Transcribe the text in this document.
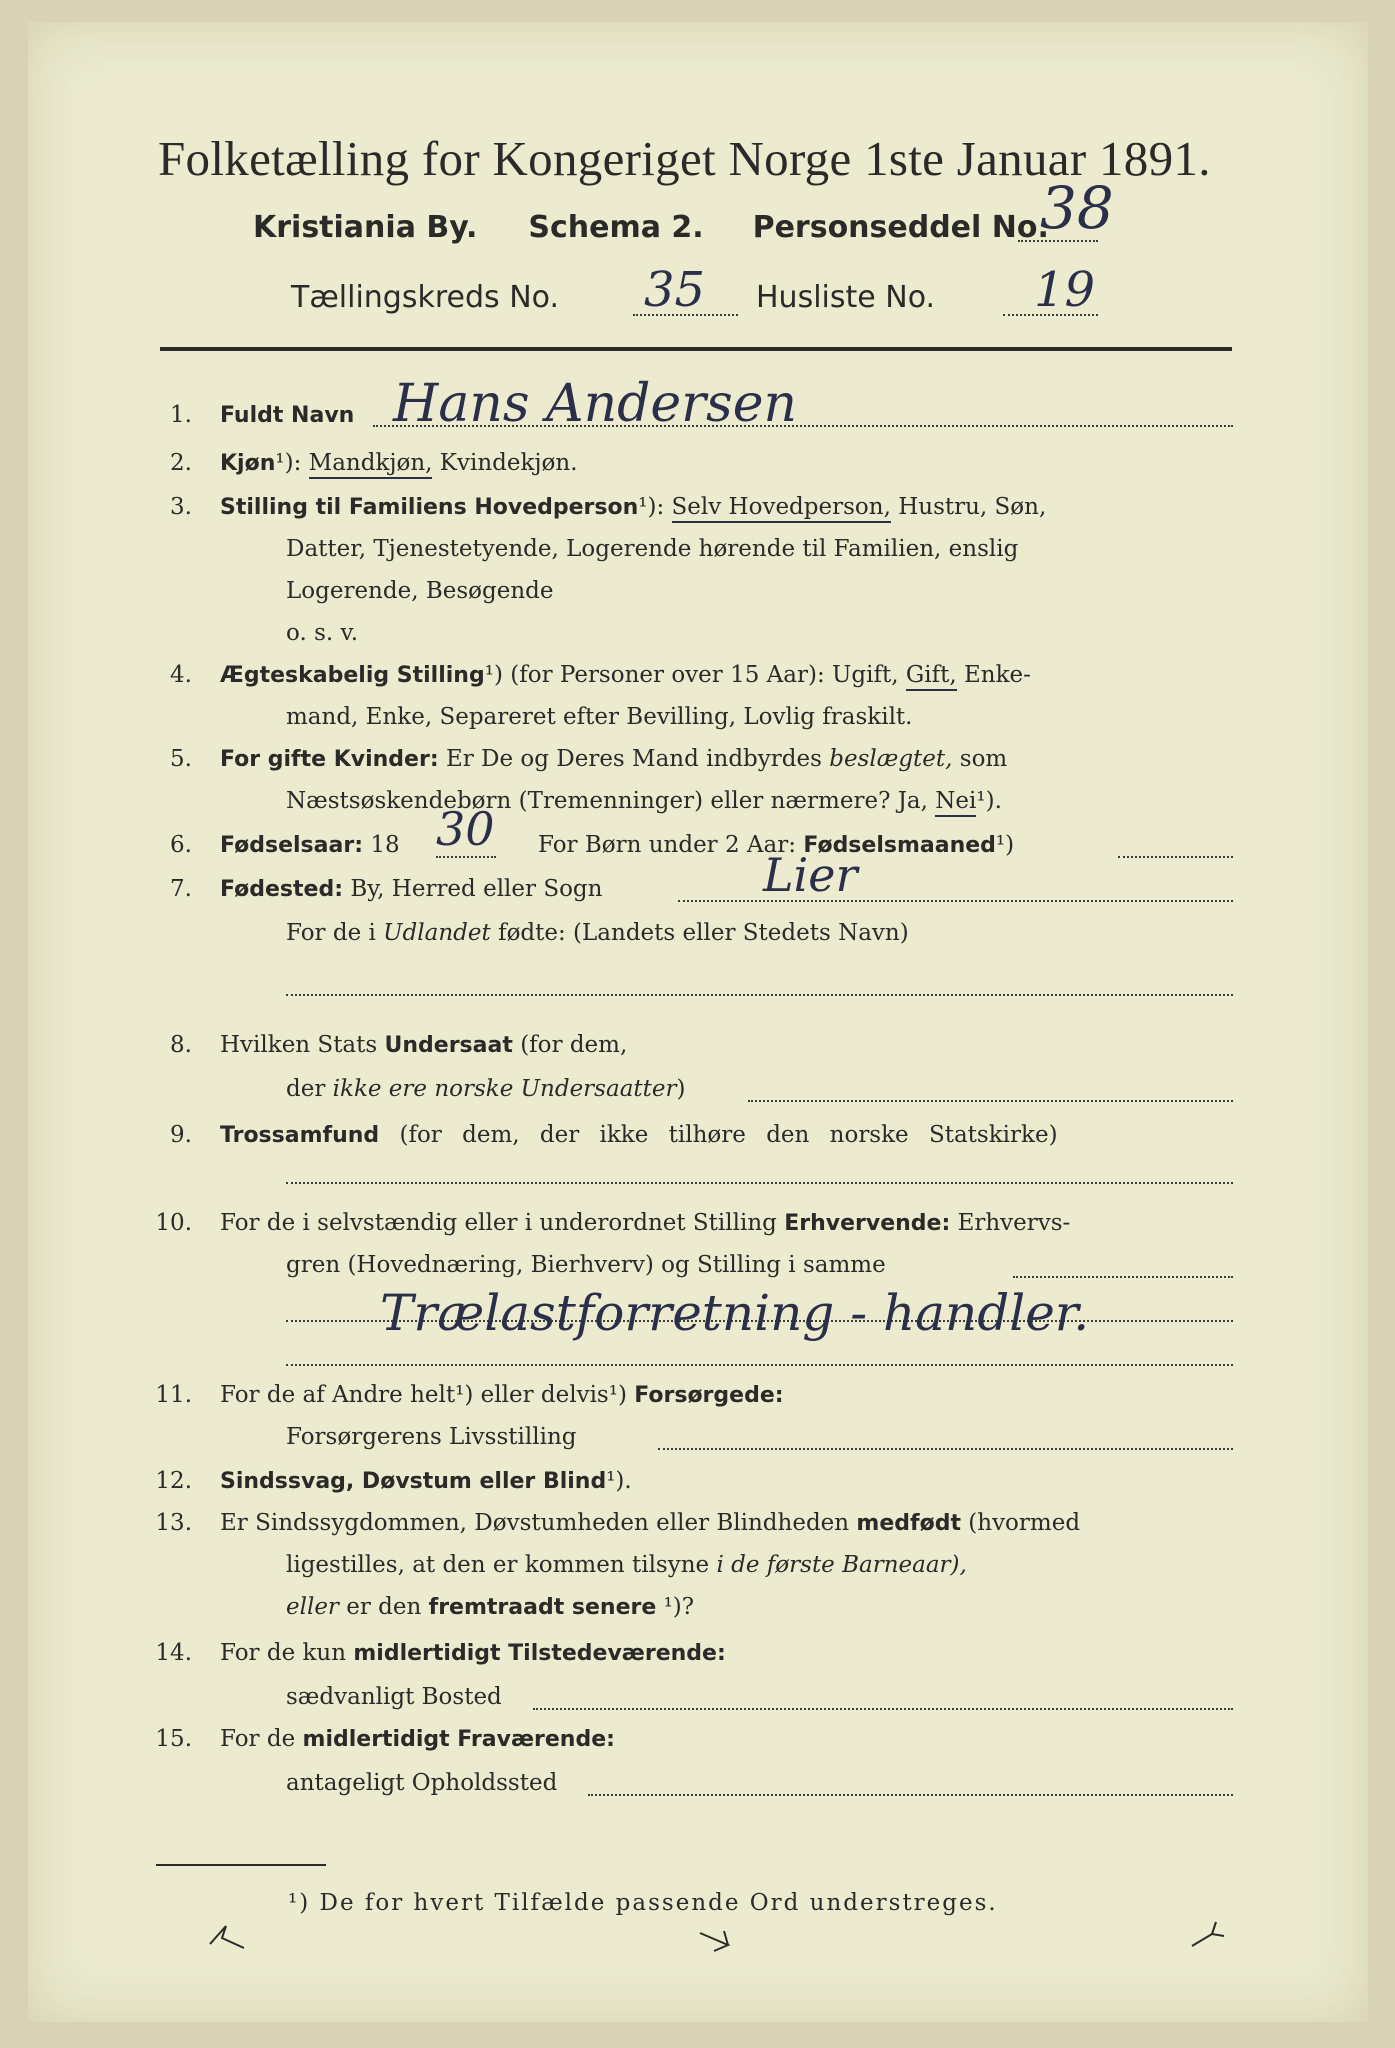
Folketælling for Kongeriget Norge 1ste Januar 1891.
Kristiania By. Schema 2. Personseddel No.
38
Tællingskreds No. 35 Husliste No. 19
1. Fuldt Navn Hans Andersen
2. Kjøn¹): Mandkjøn, Kvindekjøn.
3. Stilling til Familiens Hovedperson¹): Selv Hovedperson, Hustru, Søn,
Datter, Tjenestetyende, Logerende hørende til Familien, enslig
Logerende, Besøgende
o. s. v.
4. Ægteskabelig Stilling¹) (for Personer over 15 Aar): Ugift, Gift, Enke-
mand, Enke, Separeret efter Bevilling, Lovlig fraskilt.
5. For gifte Kvinder: Er De og Deres Mand indbyrdes beslægtet, som
Næstsøskendebørn (Tremenninger) eller nærmere? Ja, Nei¹).
6. Fødselsaar: 18 30 For Børn under 2 Aar: Fødselsmaaned¹)
7. Fødested: By, Herred eller Sogn	Lier
For de i Udlandet fødte: (Landets eller Stedets Navn)
8. Hvilken Stats Undersaat (for dem,
der ikke ere norske Undersaatter)
9. Trossamfund (for dem, der ikke tilhøre den norske Statskirke)
10. For de i selvstændig eller i underordnet Stilling Erhvervende: Erhvervs-
gren (Hovednæring, Bierhverv) og Stilling i samme
Trælastforretning - handler.
11. For de af Andre helt¹) eller delvis¹) Forsørgede:
Forsørgerens Livsstilling
12. Sindssvag, Døvstum eller Blind¹).
13. Er Sindssygdommen, Døvstumheden eller Blindheden medfødt (hvormed
ligestilles, at den er kommen tilsyne i de første Barneaar),
eller er den fremtraadt senere ¹)?
14. For de kun midlertidigt Tilstedeværende:
sædvanligt Bosted
15. For de midlertidigt Fraværende:
antageligt Opholdssted
¹) De for hvert Tilfælde passende Ord understreges.
